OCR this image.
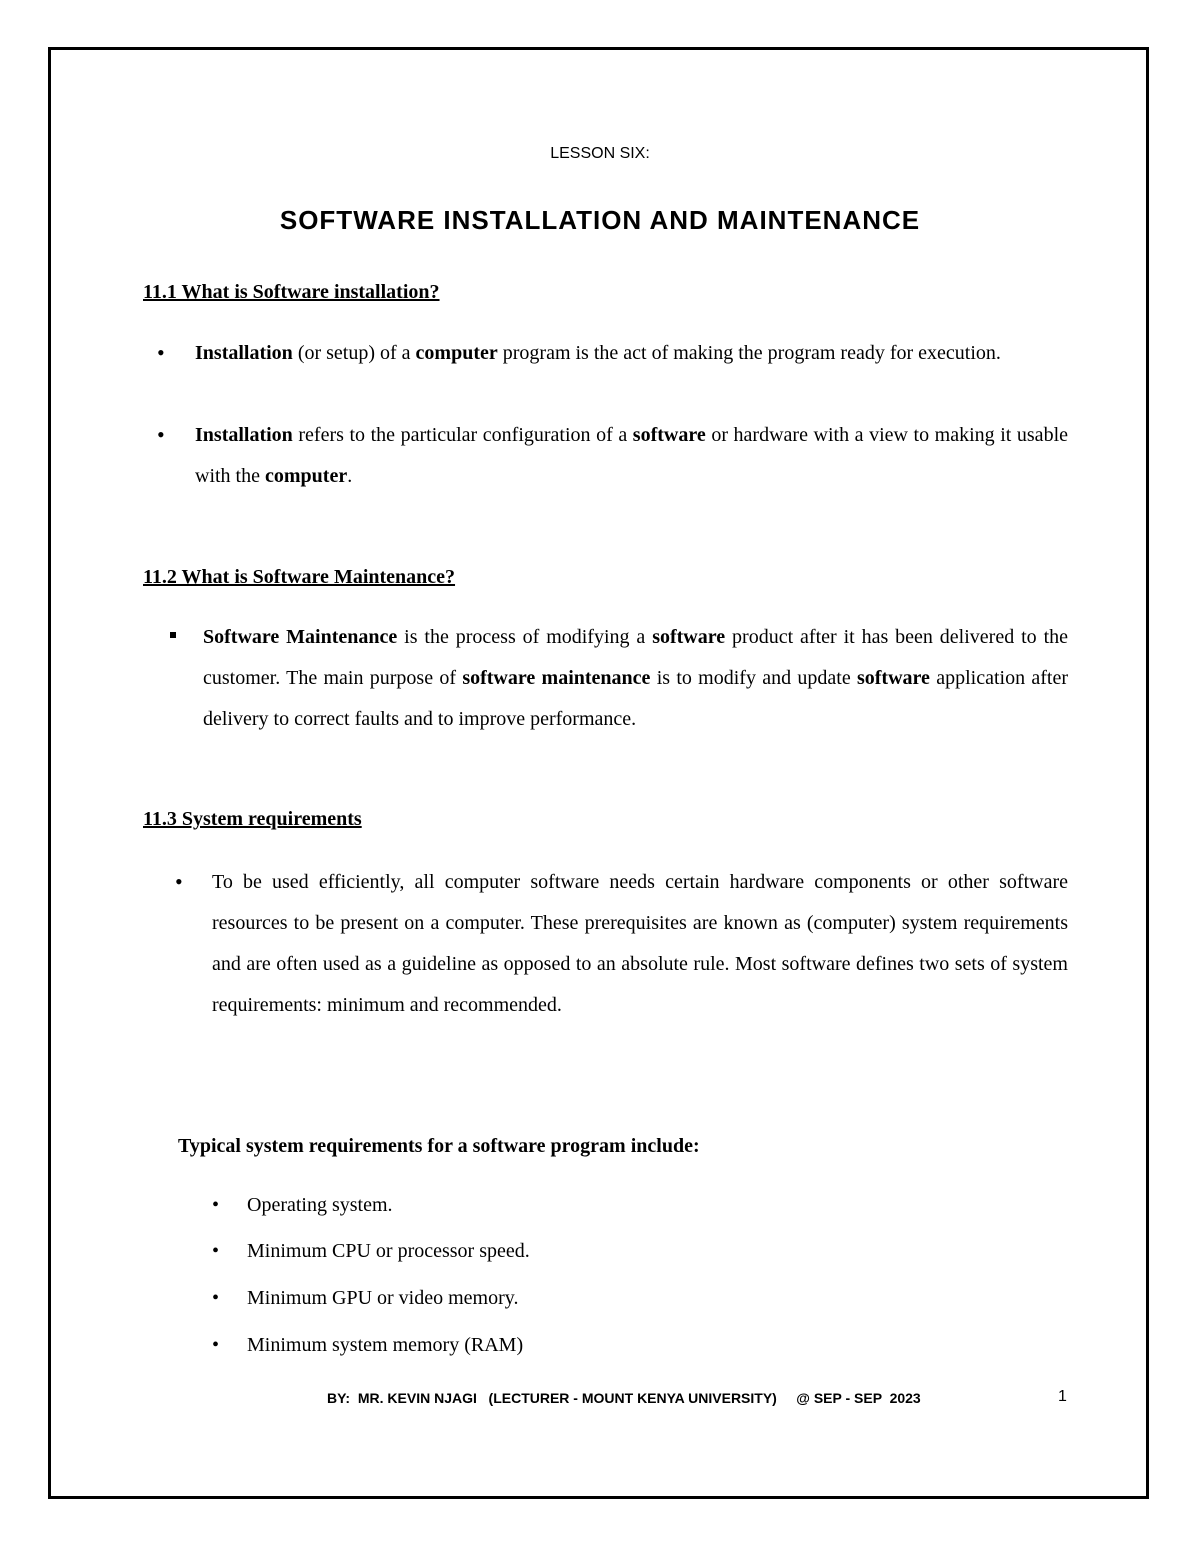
LESSON SIX:
SOFTWARE INSTALLATION AND MAINTENANCE
11.1 What is Software installation?
• Installation (or setup) of a computer program is the act of making the program ready for execution.
• Installation refers to the particular configuration of a software or hardware with a view to making it usable with the computer.
11.2 What is Software Maintenance?
Software Maintenance is the process of modifying a software product after it has been delivered to the customer. The main purpose of software maintenance is to modify and update software application after delivery to correct faults and to improve performance.
11.3 System requirements
• To be used efficiently, all computer software needs certain hardware components or other software resources to be present on a computer. These prerequisites are known as (computer) system requirements and are often used as a guideline as opposed to an absolute rule. Most software defines two sets of system requirements: minimum and recommended.
Typical system requirements for a software program include:
• Operating system.
• Minimum CPU or processor speed.
• Minimum GPU or video memory.
• Minimum system memory (RAM)
BY:  MR. KEVIN NJAGI   (LECTURER - MOUNT KENYA UNIVERSITY)     @ SEP - SEP  2023	1
